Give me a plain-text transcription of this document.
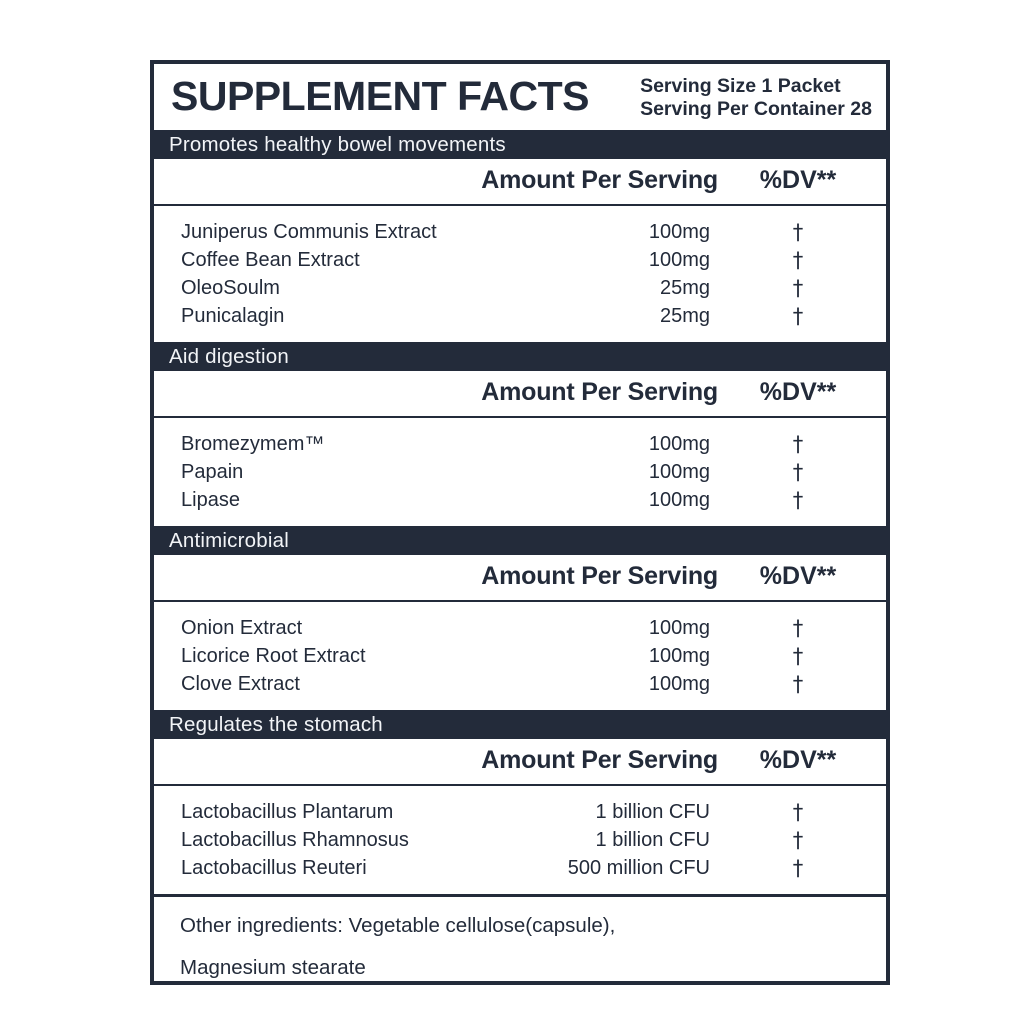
SUPPLEMENT FACTS	Serving Size 1 Packet
Serving Per Container 28
Promotes healthy bowel movements
Amount Per Serving	%DV**
Juniperus Communis Extract	100mg	†
Coffee Bean Extract	100mg	†
OleoSoulm	25mg	†
Punicalagin	25mg	†
Aid digestion
Amount Per Serving	%DV**
Bromezymem™	100mg	†
Papain	100mg	†
Lipase	100mg	†
Antimicrobial
Amount Per Serving	%DV**
Onion Extract	100mg	†
Licorice Root Extract	100mg	†
Clove Extract	100mg	†
Regulates the stomach
Amount Per Serving	%DV**
Lactobacillus Plantarum	1 billion CFU	†
Lactobacillus Rhamnosus	1 billion CFU	†
Lactobacillus Reuteri	500 million CFU	†
Other ingredients: Vegetable cellulose(capsule),
Magnesium stearate
